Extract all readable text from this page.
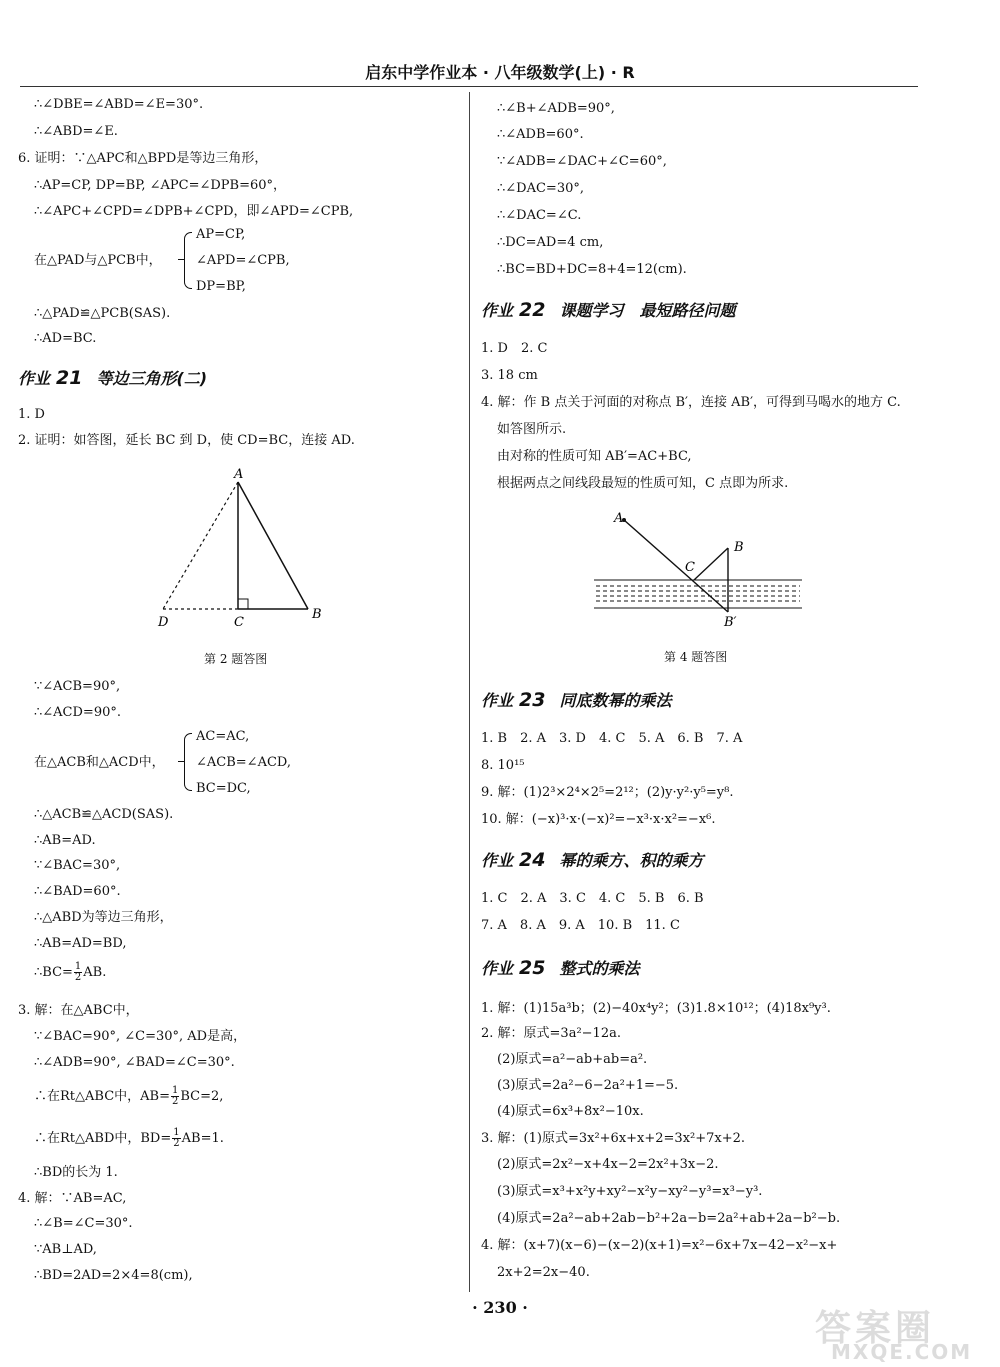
启东中学作业本 · 八年级数学(上) · R
∴∠DBE=∠ABD=∠E=30°.
∴∠ABD=∠E.
6. 证明：∵△APC和△BPD是等边三角形，
∴AP=CP, DP=BP, ∠APC=∠DPB=60°，
∴∠APC+∠CPD=∠DPB+∠CPD，即∠APD=∠CPB,
在△PAD与△PCB中，
AP=CP,
∠APD=∠CPB,
DP=BP,
∴△PAD≌△PCB(SAS).
∴AD=BC.
作业 21 等边三角形(二)
1. D
2. 证明：如答图，延长 BC 到 D，使 CD=BC，连接 AD.
A
B
C
D
第 2 题答图
∵∠ACB=90°,
∴∠ACD=90°.
在△ACB和△ACD中，
AC=AC,
∠ACB=∠ACD,
BC=DC,
∴△ACB≌△ACD(SAS).
∴AB=AD.
∵∠BAC=30°,
∴∠BAD=60°.
∴△ABD为等边三角形，
∴AB=AD=BD,
∴BC= $\frac{1}{2}$ AB.
3. 解：在△ABC中，
∵∠BAC=90°, ∠C=30°, AD是高，
∴∠ADB=90°, ∠BAD=∠C=30°.
∴在Rt△ABC中，$AB= \frac{1}{2} BC=2$,
∴在Rt△ABD中，$BD= \frac{1}{2} AB=1$.
∴BD的长为 1.
4. 解：∵AB=AC,
∴∠B=∠C=30°.
∵AB⊥AD,
∴BD=2AD=2×4=8(cm),
∴∠B+∠ADB=90°,
∴∠ADB=60°.
∵∠ADB=∠DAC+∠C=60°,
∴∠DAC=30°,
∴∠DAC=∠C.
∴DC=AD=4 cm,
∴BC=BD+DC=8+4=12(cm).
作业 22 课题学习　最短路径问题
1. D　2. C
3. 18 cm
4. 解：作 B 点关于河面的对称点 B′，连接 AB′，可得到马喝水的地方 C.
如答图所示.
由对称的性质可知 AB′=AC+BC,
根据两点之间线段最短的性质可知，C 点即为所求.
A
B
C
B′
第 4 题答图
作业 23 同底数幂的乘法
1. B　2. A　3. D　4. C　5. A　6. B　7. A
8. 10¹⁵
9. 解：(1)2³×2⁴×2⁵=2¹²；(2)y·y²·y⁵=y⁸.
10. 解：(−x)³·x·(−x)²=−x³·x·x²=−x⁶.
作业 24 幂的乘方、积的乘方
1. C　2. A　3. C　4. C　5. B　6. B
7. A　8. A　9. A　10. B　11. C
作业 25 整式的乘法
1. 解：(1)15a³b；(2)−40x⁴y²；(3)1.8×10¹²；(4)18x⁹y³.
2. 解：原式=3a²−12a.
(2)原式=a²−ab+ab=a².
(3)原式=2a²−6−2a²+1=−5.
(4)原式=6x³+8x²−10x.
3. 解：(1)原式=3x²+6x+x+2=3x²+7x+2.
(2)原式=2x²−x+4x−2=2x²+3x−2.
(3)原式=x³+x²y+xy²−x²y−xy²−y³=x³−y³.
(4)原式=2a²−ab+2ab−b²+2a−b=2a²+ab+2a−b²−b.
4. 解：(x+7)(x−6)−(x−2)(x+1)=x²−6x+7x−42−x²−x+
2x+2=2x−40.
· 230 ·
答案圈
MXQE.COM
